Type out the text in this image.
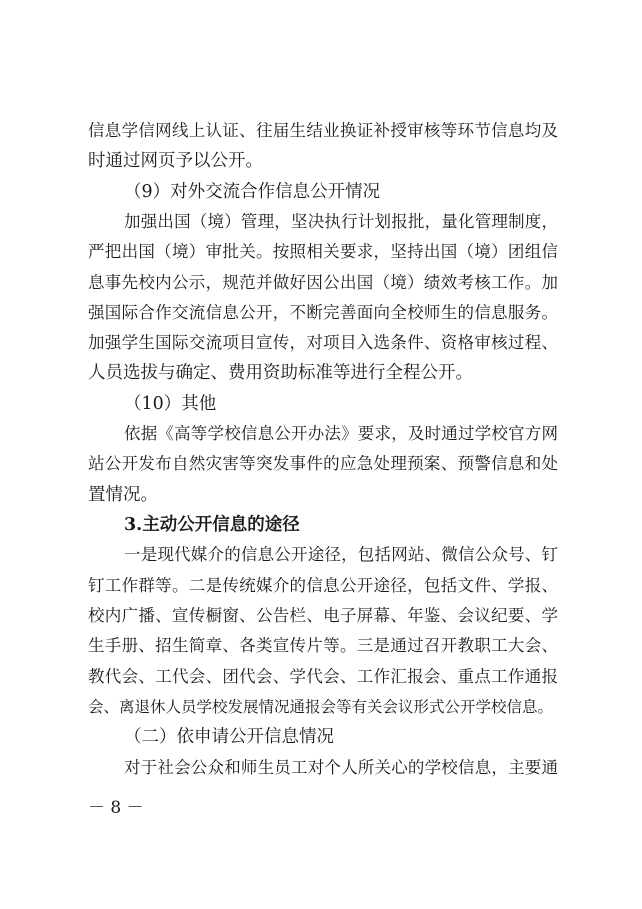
信息学信网线上认证、往届生结业换证补授审核等环节信息均及
时通过网页予以公开。
（9）对外交流合作信息公开情况
加强出国（境）管理，坚决执行计划报批，量化管理制度，
严把出国（境）审批关。按照相关要求，坚持出国（境）团组信
息事先校内公示，规范并做好因公出国（境）绩效考核工作。加
强国际合作交流信息公开，不断完善面向全校师生的信息服务。
加强学生国际交流项目宣传，对项目入选条件、资格审核过程、
人员选拔与确定、费用资助标准等进行全程公开。
（10）其他
依据《高等学校信息公开办法》要求，及时通过学校官方网
站公开发布自然灾害等突发事件的应急处理预案、预警信息和处
置情况。
3.主动公开信息的途径
一是现代媒介的信息公开途径，包括网站、微信公众号、钉
钉工作群等。二是传统媒介的信息公开途径，包括文件、学报、
校内广播、宣传橱窗、公告栏、电子屏幕、年鉴、会议纪要、学
生手册、招生简章、各类宣传片等。三是通过召开教职工大会、
教代会、工代会、团代会、学代会、工作汇报会、重点工作通报
会、离退休人员学校发展情况通报会等有关会议形式公开学校信息。
（二）依申请公开信息情况
对于社会公众和师生员工对个人所关心的学校信息，主要通
－ 8 －
